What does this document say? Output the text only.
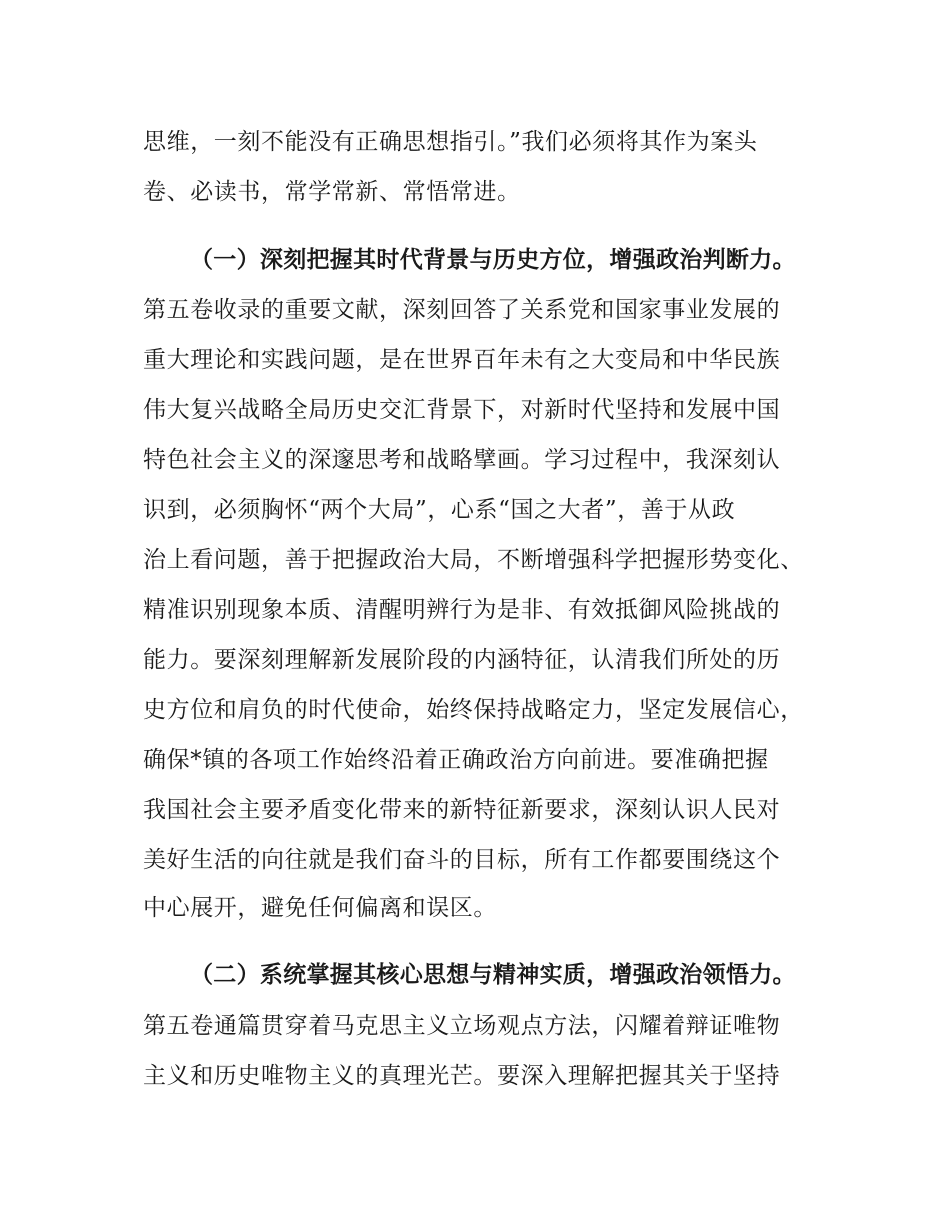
思维，一刻不能没有正确思想指引。”我们必须将其作为案头
卷、必读书，常学常新、常悟常进。
（一）深刻把握其时代背景与历史方位，增强政治判断力。
第五卷收录的重要文献，深刻回答了关系党和国家事业发展的
重大理论和实践问题，是在世界百年未有之大变局和中华民族
伟大复兴战略全局历史交汇背景下，对新时代坚持和发展中国
特色社会主义的深邃思考和战略擘画。学习过程中，我深刻认
识到，必须胸怀“两个大局”，心系“国之大者”，善于从政
治上看问题，善于把握政治大局，不断增强科学把握形势变化、
精准识别现象本质、清醒明辨行为是非、有效抵御风险挑战的
能力。要深刻理解新发展阶段的内涵特征，认清我们所处的历
史方位和肩负的时代使命，始终保持战略定力，坚定发展信心，
确保*镇的各项工作始终沿着正确政治方向前进。要准确把握
我国社会主要矛盾变化带来的新特征新要求，深刻认识人民对
美好生活的向往就是我们奋斗的目标，所有工作都要围绕这个
中心展开，避免任何偏离和误区。
（二）系统掌握其核心思想与精神实质，增强政治领悟力。
第五卷通篇贯穿着马克思主义立场观点方法，闪耀着辩证唯物
主义和历史唯物主义的真理光芒。要深入理解把握其关于坚持
